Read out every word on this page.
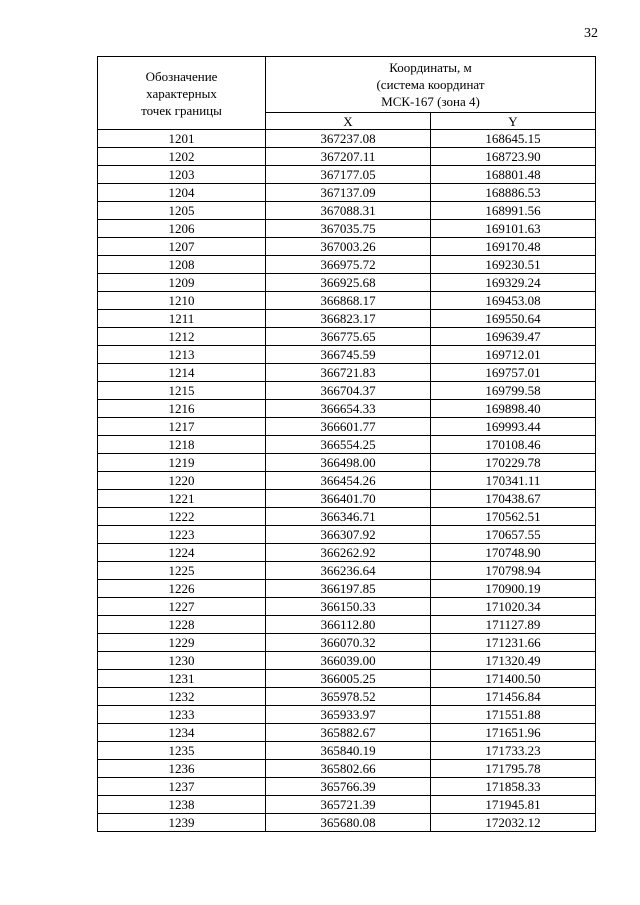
32
Обозначение
характерных
точек границы	Координаты, м
(система координат
МСК-167 (зона 4)	

	X	Y
1201	367237.08	168645.15
1202	367207.11	168723.90
1203	367177.05	168801.48
1204	367137.09	168886.53
1205	367088.31	168991.56
1206	367035.75	169101.63
1207	367003.26	169170.48
1208	366975.72	169230.51
1209	366925.68	169329.24
1210	366868.17	169453.08
1211	366823.17	169550.64
1212	366775.65	169639.47
1213	366745.59	169712.01
1214	366721.83	169757.01
1215	366704.37	169799.58
1216	366654.33	169898.40
1217	366601.77	169993.44
1218	366554.25	170108.46
1219	366498.00	170229.78
1220	366454.26	170341.11
1221	366401.70	170438.67
1222	366346.71	170562.51
1223	366307.92	170657.55
1224	366262.92	170748.90
1225	366236.64	170798.94
1226	366197.85	170900.19
1227	366150.33	171020.34
1228	366112.80	171127.89
1229	366070.32	171231.66
1230	366039.00	171320.49
1231	366005.25	171400.50
1232	365978.52	171456.84
1233	365933.97	171551.88
1234	365882.67	171651.96
1235	365840.19	171733.23
1236	365802.66	171795.78
1237	365766.39	171858.33
1238	365721.39	171945.81
1239	365680.08	172032.12
